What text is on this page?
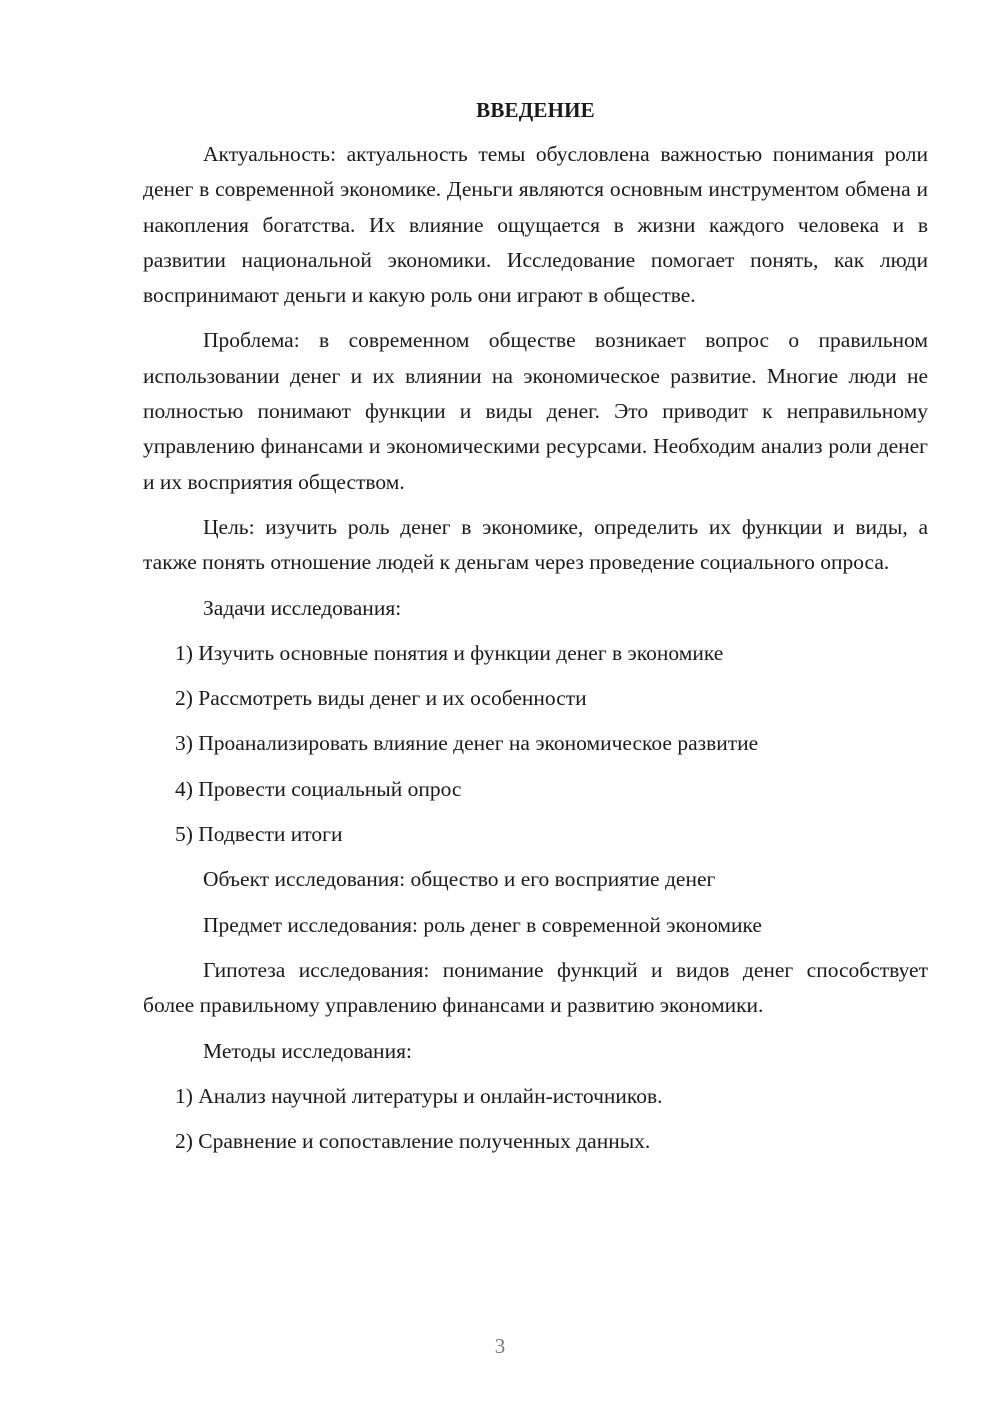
ВВЕДЕНИЕ

Актуальность: актуальность темы обусловлена важностью понимания роли денег в современной экономике. Деньги являются основным инструментом обмена и накопления богатства. Их влияние ощущается в жизни каждого человека и в развитии национальной экономики. Исследование помогает понять, как люди воспринимают деньги и какую роль они играют в обществе.

Проблема: в современном обществе возникает вопрос о правильном использовании денег и их влиянии на экономическое развитие. Многие люди не полностью понимают функции и виды денег. Это приводит к неправильному управлению финансами и экономическими ресурсами. Необходим анализ роли денег и их восприятия обществом.

Цель: изучить роль денег в экономике, определить их функции и виды, а также понять отношение людей к деньгам через проведение социального опроса.

Задачи исследования:
1) Изучить основные понятия и функции денег в экономике
2) Рассмотреть виды денег и их особенности
3) Проанализировать влияние денег на экономическое развитие
4) Провести социальный опрос
5) Подвести итоги
Объект исследования: общество и его восприятие денег
Предмет исследования: роль денег в современной экономике

Гипотеза исследования: понимание функций и видов денег способствует более правильному управлению финансами и развитию экономики.

Методы исследования:
1) Анализ научной литературы и онлайн-источников.
2) Сравнение и сопоставление полученных данных.
3
